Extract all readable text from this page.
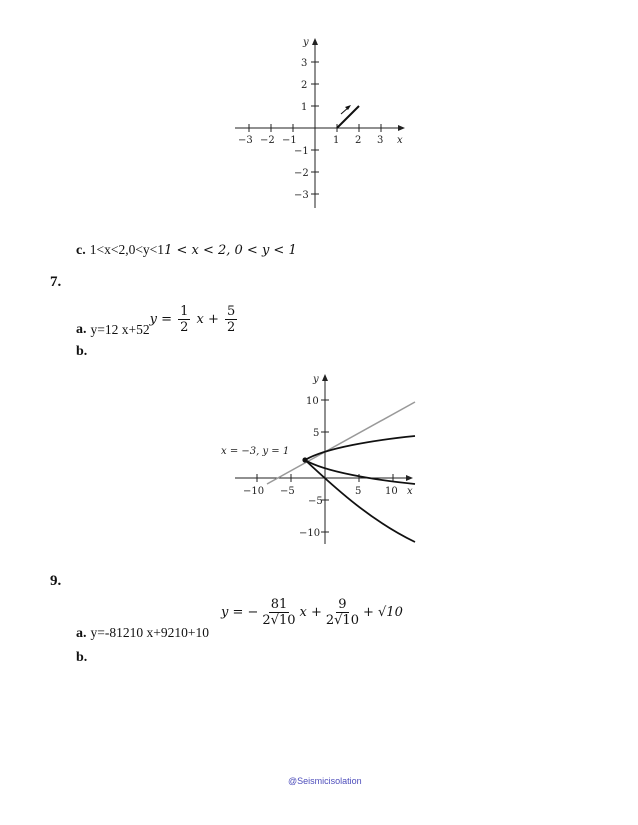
y
x
−3 −2 −1	1 2 3
3
2
1
−1
−2
−3
c. 1<x<2,0<y<11 < x < 2, 0 < y < 1
7.
a. y=12 x+52
$y = \frac{1}{2}$ $x + \frac{5}{2}$
b.
y
x
−10 −5	5 10
10
5
−5
−10
x = −3, y = 1
9.
y = − $\frac{81}{2√10}$ $x + \frac{9}{2√10} + √10$
a. y=-81210 x+9210+10
b.
@Seismicisolation
